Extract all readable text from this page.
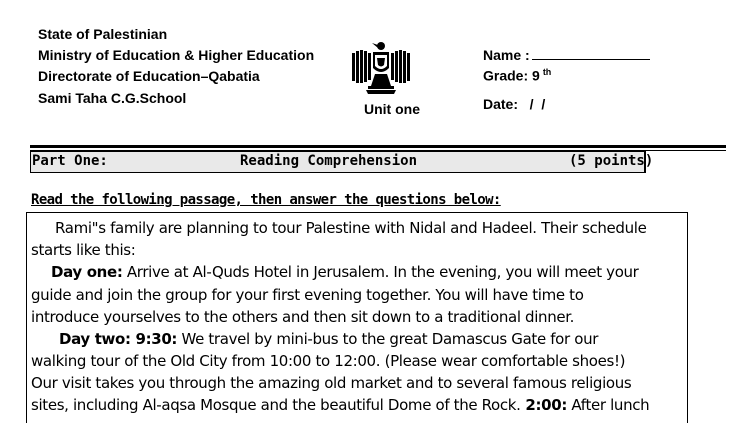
State of Palestinian
Ministry of Education & Higher Education
Directorate of Education–Qabatia
Sami Taha C.G.School
Unit one
Name :
Grade: 9 $^{th}$
Date:   /  /
Part One:	Reading Comprehension	(5 points)
Read the following passage, then answer the questions below:
Rami"s family are planning to tour Palestine with Nidal and Hadeel. Their schedule
starts like this:
Day one: Arrive at Al-Quds Hotel in Jerusalem. In the evening, you will meet your
guide and join the group for your first evening together. You will have time to
introduce yourselves to the others and then sit down to a traditional dinner.
Day two: 9:30: We travel by mini-bus to the great Damascus Gate for our
walking tour of the Old City from 10:00 to 12:00. (Please wear comfortable shoes!)
Our visit takes you through the amazing old market and to several famous religious
sites, including Al-aqsa Mosque and the beautiful Dome of the Rock. 2:00: After lunch
